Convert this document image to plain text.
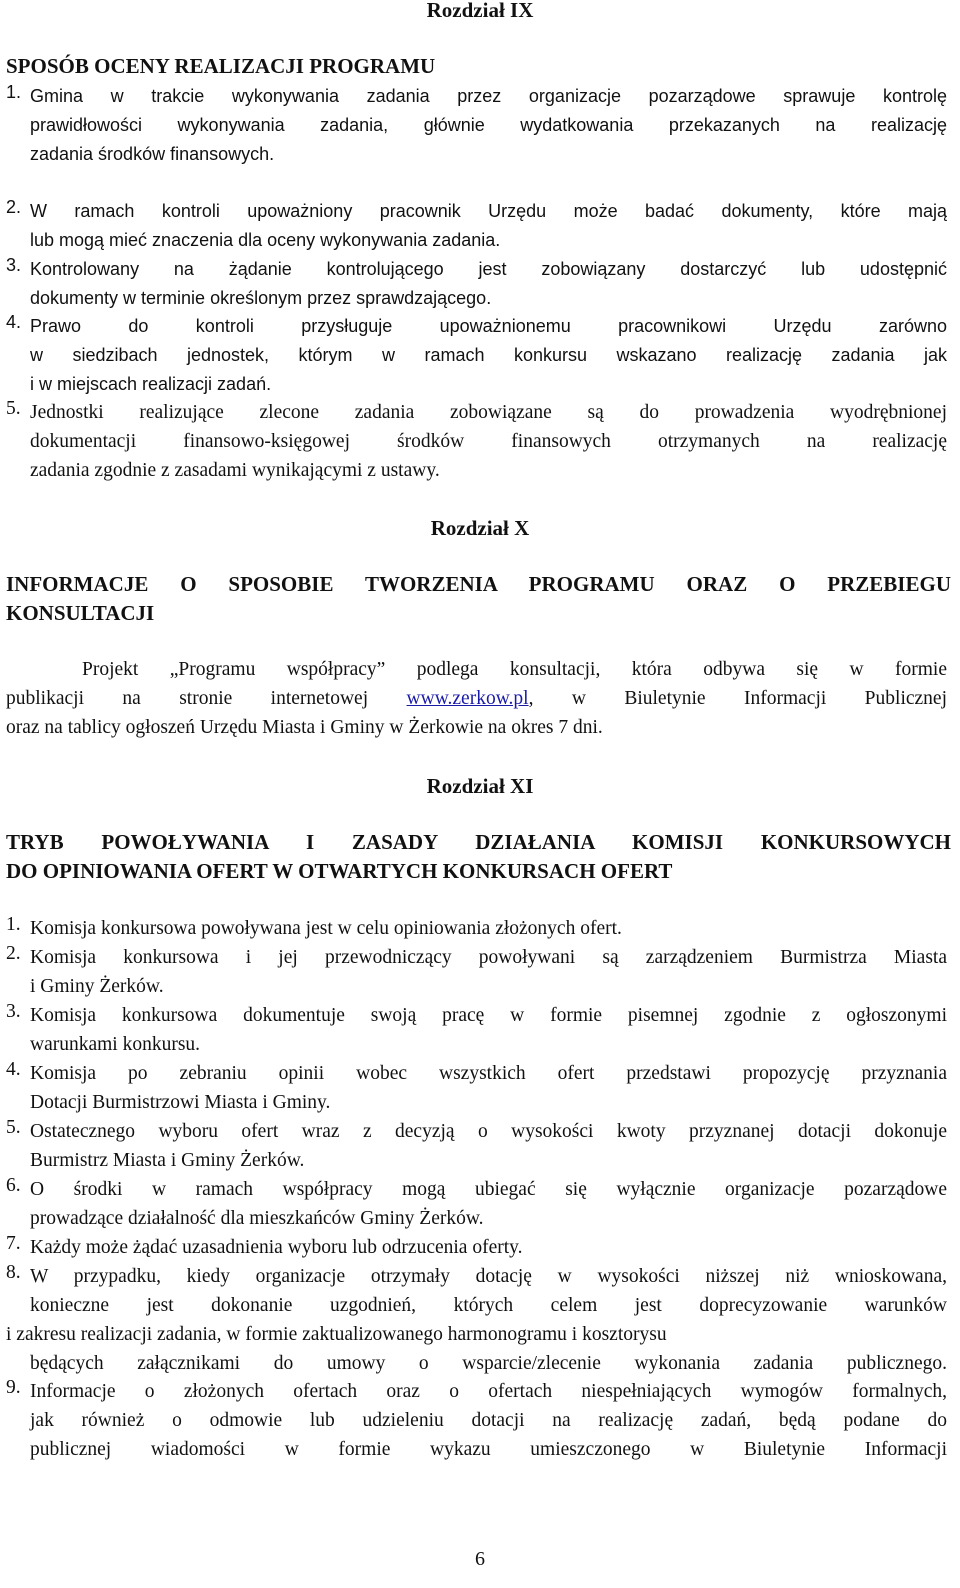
Rozdział IX
SPOSÓB OCENY REALIZACJI PROGRAMU
1. Gmina w trakcie wykonywania zadania przez organizacje pozarządowe sprawuje kontrolę
prawidłowości wykonywania zadania, głównie wydatkowania przekazanych na realizację
zadania środków finansowych.
2. W ramach kontroli upoważniony pracownik Urzędu może badać dokumenty, które mają
lub mogą mieć znaczenia dla oceny wykonywania zadania.
3. Kontrolowany na żądanie kontrolującego jest zobowiązany dostarczyć lub udostępnić
dokumenty w terminie określonym przez sprawdzającego.
4. Prawo do kontroli przysługuje upoważnionemu pracownikowi Urzędu zarówno
w siedzibach jednostek, którym w ramach konkursu wskazano realizację zadania jak
i w miejscach realizacji zadań.
5. Jednostki realizujące zlecone zadania zobowiązane są do prowadzenia wyodrębnionej
dokumentacji finansowo-księgowej środków finansowych otrzymanych na realizację
zadania zgodnie z zasadami wynikającymi z ustawy.
Rozdział X
INFORMACJE O SPOSOBIE TWORZENIA PROGRAMU ORAZ O PRZEBIEGU
KONSULTACJI
Projekt „Programu współpracy” podlega konsultacji, która odbywa się w formie
publikacji na stronie internetowej www.zerkow.pl, w Biuletynie Informacji Publicznej
oraz na tablicy ogłoszeń Urzędu Miasta i Gminy w Żerkowie na okres 7 dni.
Rozdział XI
TRYB POWOŁYWANIA I ZASADY DZIAŁANIA KOMISJI KONKURSOWYCH
DO OPINIOWANIA OFERT W OTWARTYCH KONKURSACH OFERT
1. Komisja konkursowa powoływana jest w celu opiniowania złożonych ofert.
2. Komisja konkursowa i jej przewodniczący powoływani są zarządzeniem Burmistrza Miasta
i Gminy Żerków.
3. Komisja konkursowa dokumentuje swoją pracę w formie pisemnej zgodnie z ogłoszonymi
warunkami konkursu.
4. Komisja po zebraniu opinii wobec wszystkich ofert przedstawi propozycję przyznania
Dotacji Burmistrzowi Miasta i Gminy.
5. Ostatecznego wyboru ofert wraz z decyzją o wysokości kwoty przyznanej dotacji dokonuje
Burmistrz Miasta i Gminy Żerków.
6. O środki w ramach współpracy mogą ubiegać się wyłącznie organizacje pozarządowe
prowadzące działalność dla mieszkańców Gminy Żerków.
7. Każdy może żądać uzasadnienia wyboru lub odrzucenia oferty.
8. W przypadku, kiedy organizacje otrzymały dotację w wysokości niższej niż wnioskowana,
konieczne jest dokonanie uzgodnień, których celem jest doprecyzowanie warunków
i zakresu realizacji zadania, w formie zaktualizowanego harmonogramu i kosztorysu
będących załącznikami do umowy o wsparcie/zlecenie wykonania zadania publicznego.
9. Informacje o złożonych ofertach oraz o ofertach niespełniających wymogów formalnych,
jak również o odmowie lub udzieleniu dotacji na realizację zadań, będą podane do
publicznej wiadomości w formie wykazu umieszczonego w Biuletynie Informacji
6
